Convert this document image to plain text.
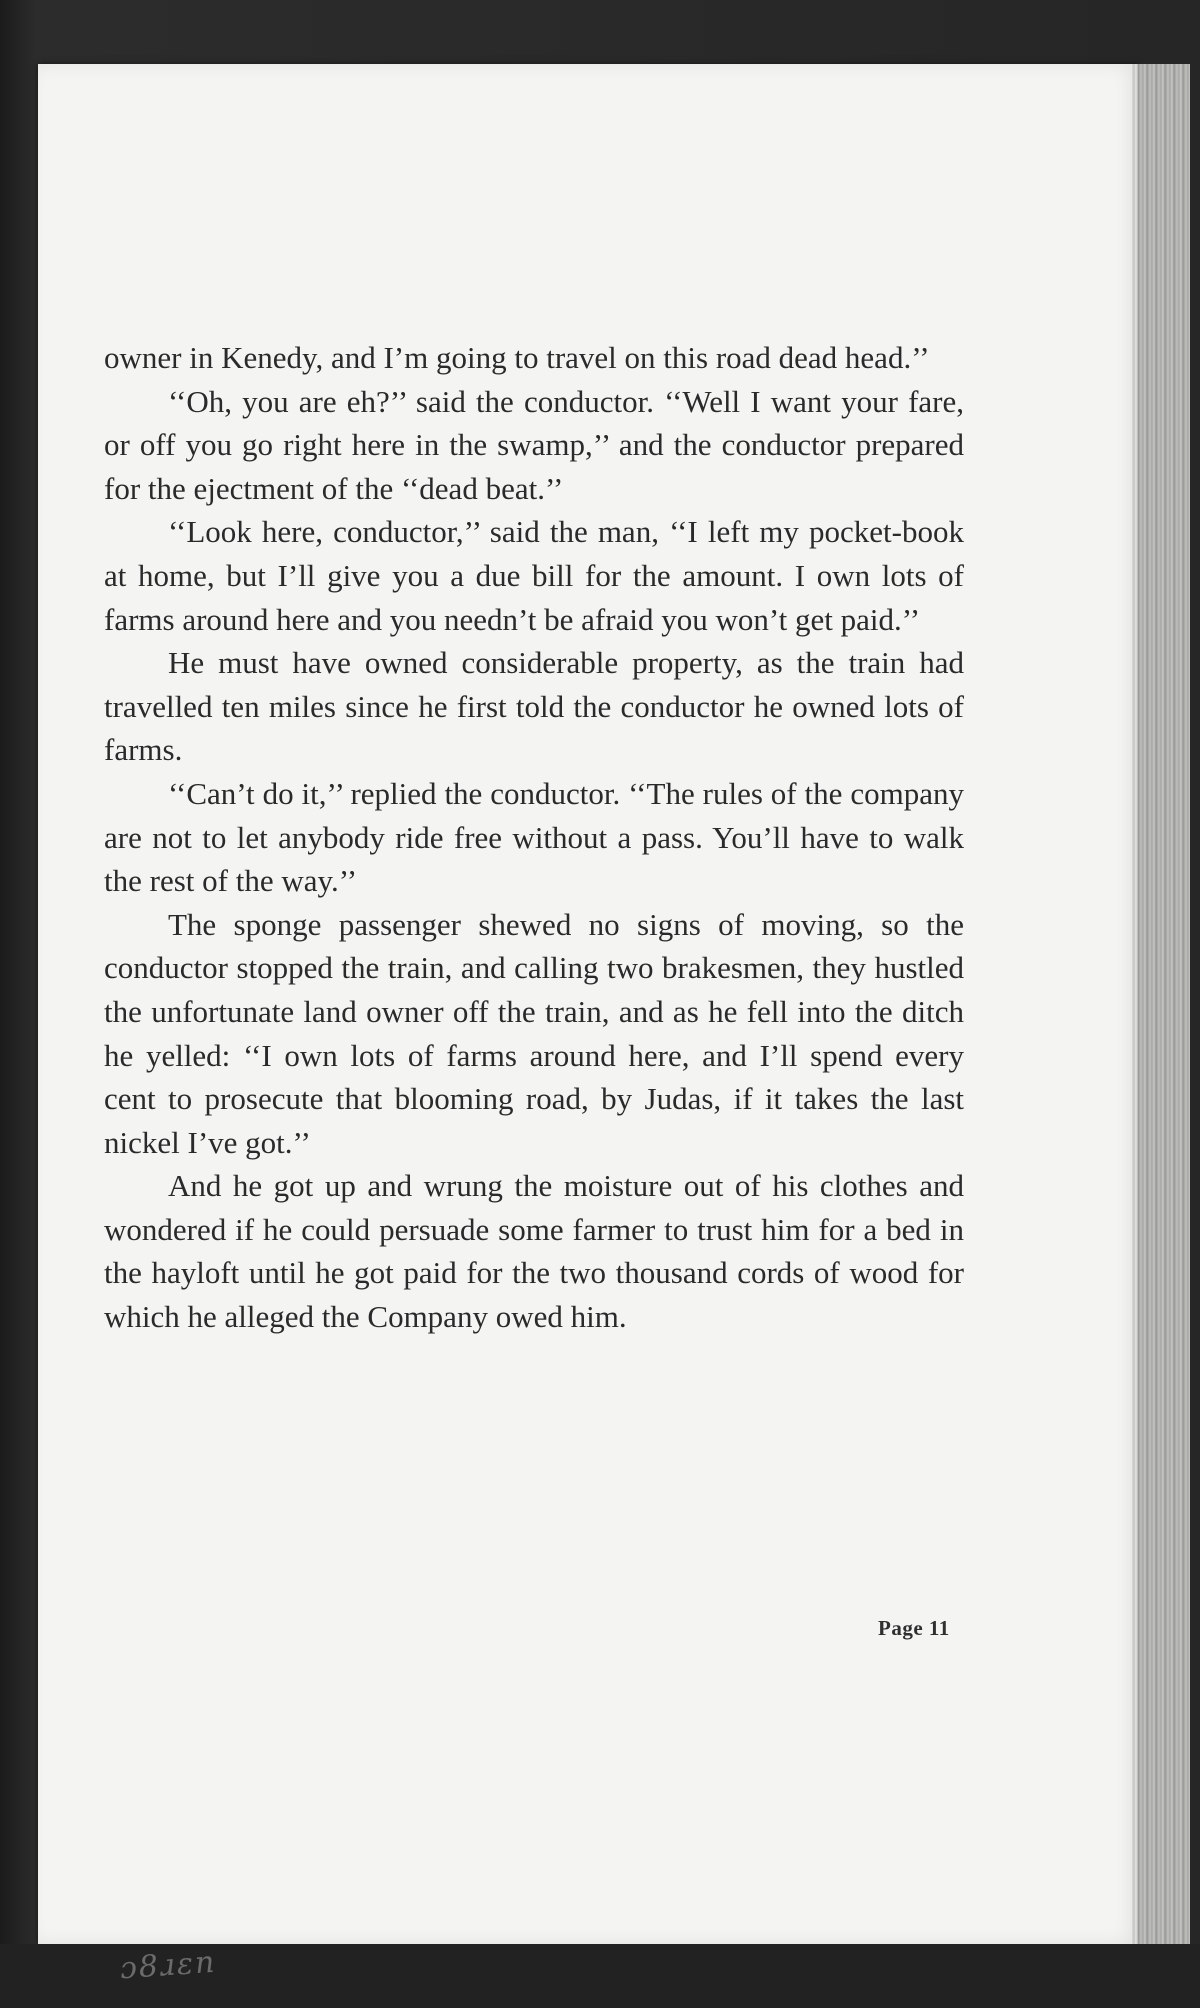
ɔ8ɹɛn

owner in Kenedy, and I’m going to travel on this road dead head.’’

‘‘Oh, you are eh?’’ said the conductor. ‘‘Well I want your fare, or off you go right here in the swamp,’’ and the conductor prepared for the ejectment of the ‘‘dead beat.’’

‘‘Look here, conductor,’’ said the man, ‘‘I left my pocket-book at home, but I’ll give you a due bill for the amount. I own lots of farms around here and you needn’t be afraid you won’t get paid.’’

He must have owned considerable property, as the train had travelled ten miles since he first told the conductor he owned lots of farms.

‘‘Can’t do it,’’ replied the conductor. ‘‘The rules of the company are not to let anybody ride free without a pass. You’ll have to walk the rest of the way.’’

The sponge passenger shewed no signs of moving, so the conductor stopped the train, and calling two brakesmen, they hustled the unfortunate land owner off the train, and as he fell into the ditch he yelled: ‘‘I own lots of farms around here, and I’ll spend every cent to prosecute that blooming road, by Judas, if it takes the last nickel I’ve got.’’

And he got up and wrung the moisture out of his clothes and wondered if he could persuade some farmer to trust him for a bed in the hayloft until he got paid for the two thousand cords of wood for which he alleged the Company owed him.

Page 11
